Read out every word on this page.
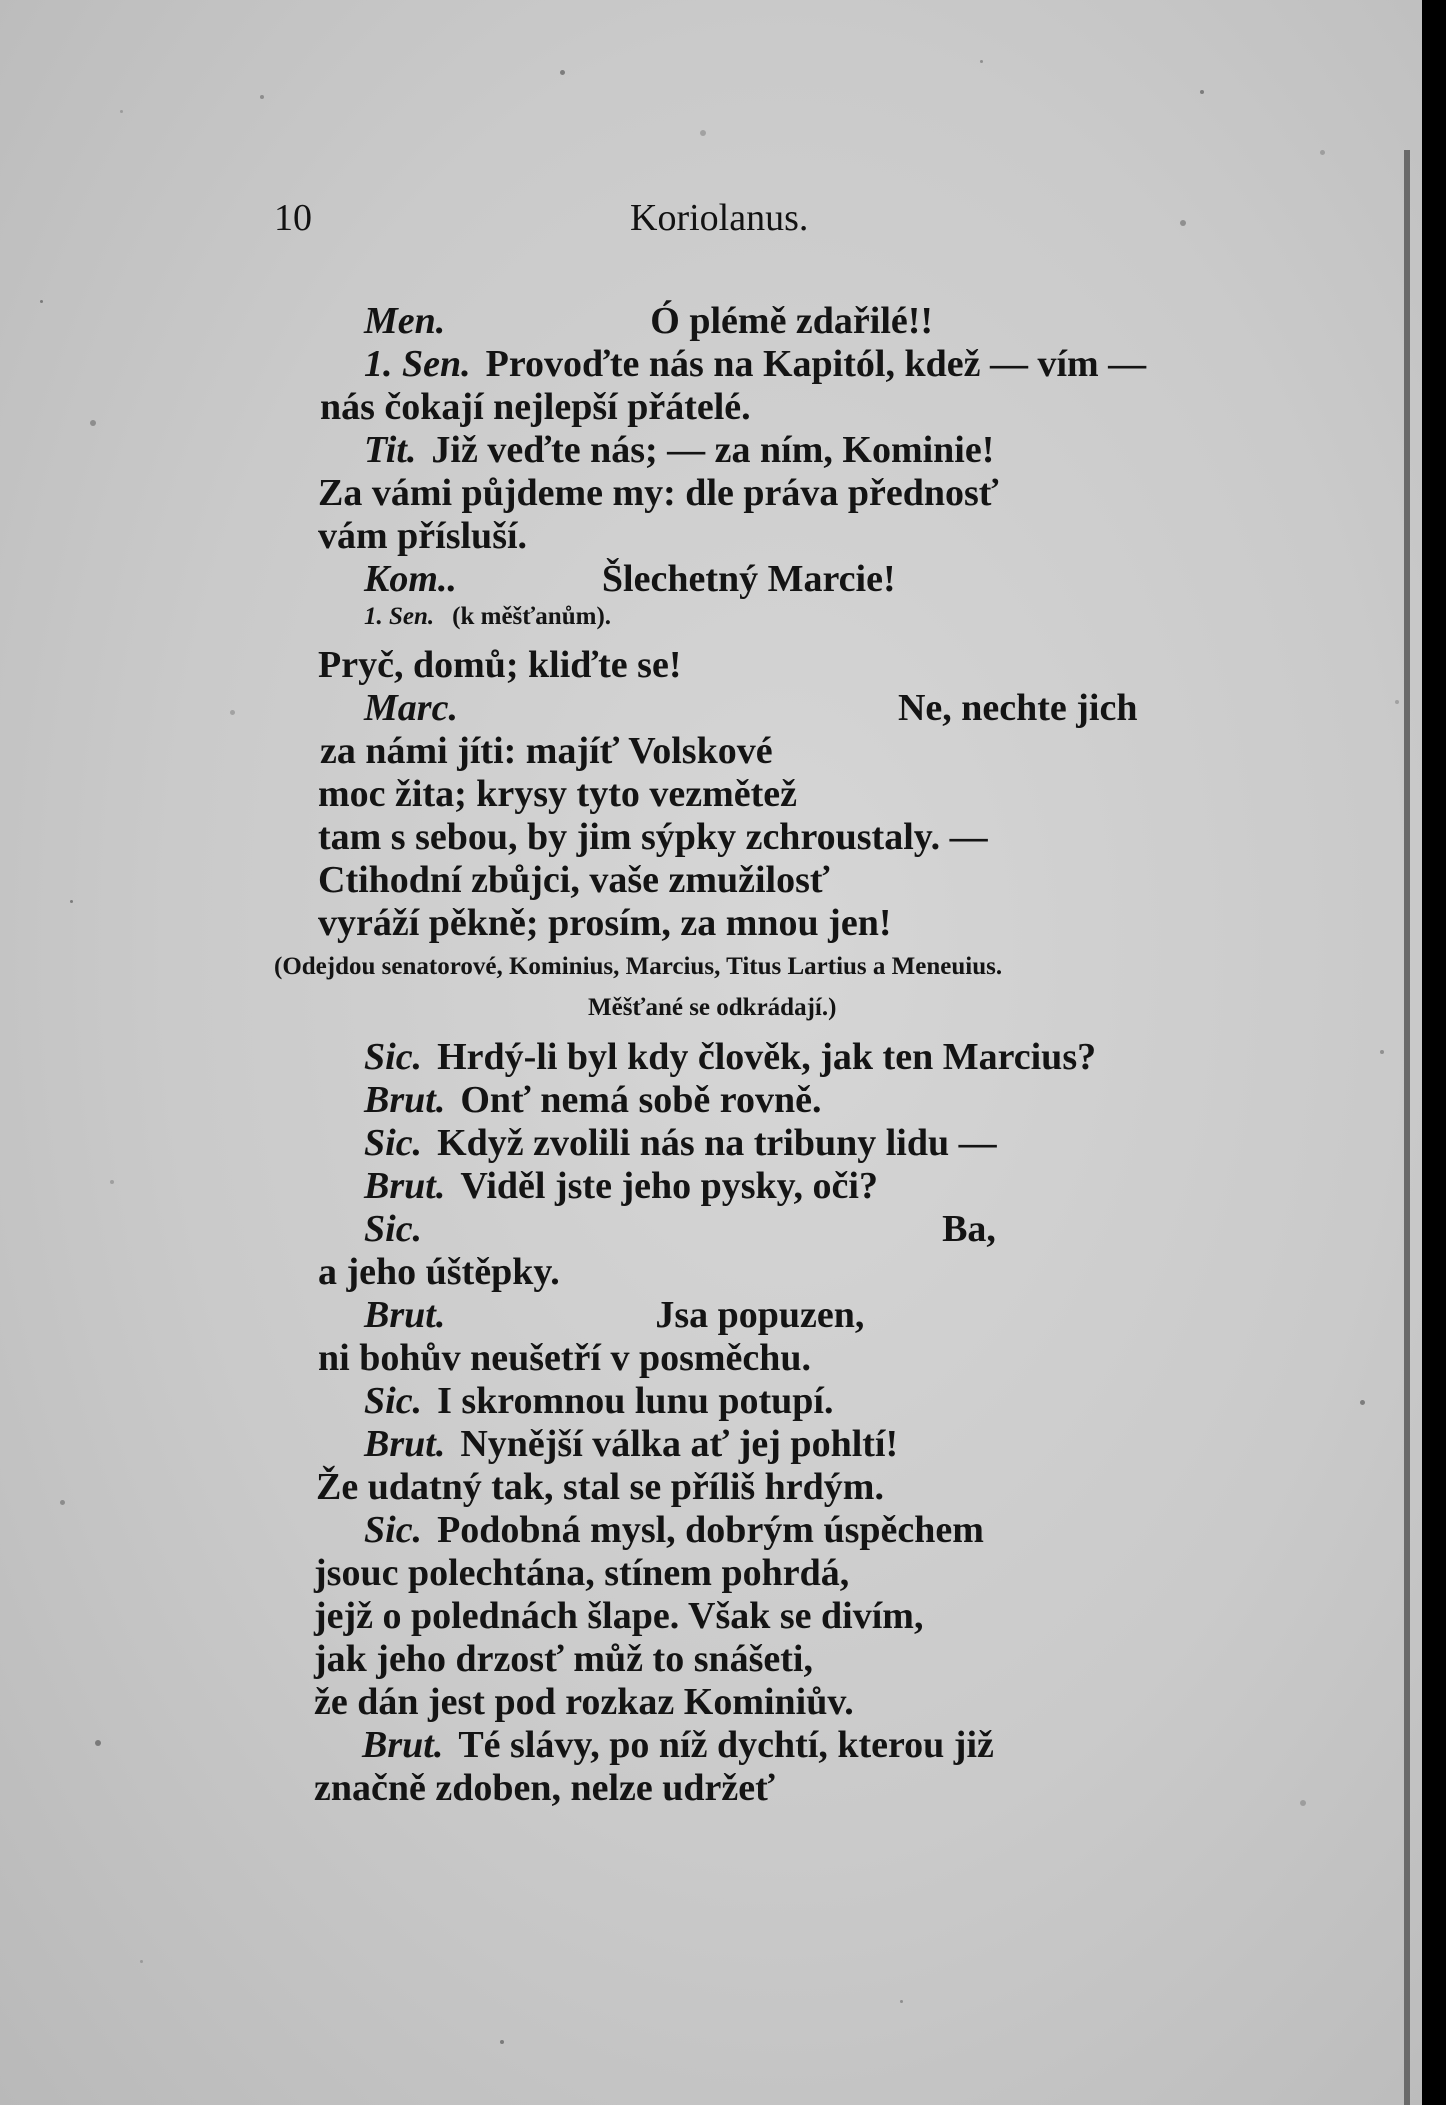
10	Koriolanus.
Men.	Ó plémě zdařilé!!
1. Sen. Provoďte nás na Kapitól, kdež — vím —
nás čokají nejlepší přátelé.
Tit. Již veďte nás; — za ním, Kominie!
Za vámi půjdeme my: dle práva přednosť
vám přísluší.
Kom..	Šlechetný Marcie!
1. Sen. (k měšťanům).
Pryč, domů; kliďte se!
Marc.	Ne, nechte jich
za námi jíti: majíť Volskové
moc žita; krysy tyto vezmětež
tam s sebou, by jim sýpky zchroustaly. —
Ctihodní zbůjci, vaše zmužilosť
vyráží pěkně; prosím, za mnou jen!
(Odejdou senatorové, Kominius, Marcius, Titus Lartius a Meneuius.
Měšťané se odkrádají.)
Sic. Hrdý-li byl kdy člověk, jak ten Marcius?
Brut. Onť nemá sobě rovně.
Sic. Když zvolili nás na tribuny lidu —
Brut. Viděl jste jeho pysky, oči?
Sic.	Ba,
a jeho úštěpky.
Brut.	Jsa popuzen,
ni bohův neušetří v posměchu.
Sic. I skromnou lunu potupí.
Brut. Nynější válka ať jej pohltí!
Že udatný tak, stal se příliš hrdým.
Sic. Podobná mysl, dobrým úspěchem
jsouc polechtána, stínem pohrdá,
jejž o polednách šlape. Však se divím,
jak jeho drzosť můž to snášeti,
že dán jest pod rozkaz Kominiův.
Brut. Té slávy, po níž dychtí, kterou již
značně zdoben, nelze udržeť
